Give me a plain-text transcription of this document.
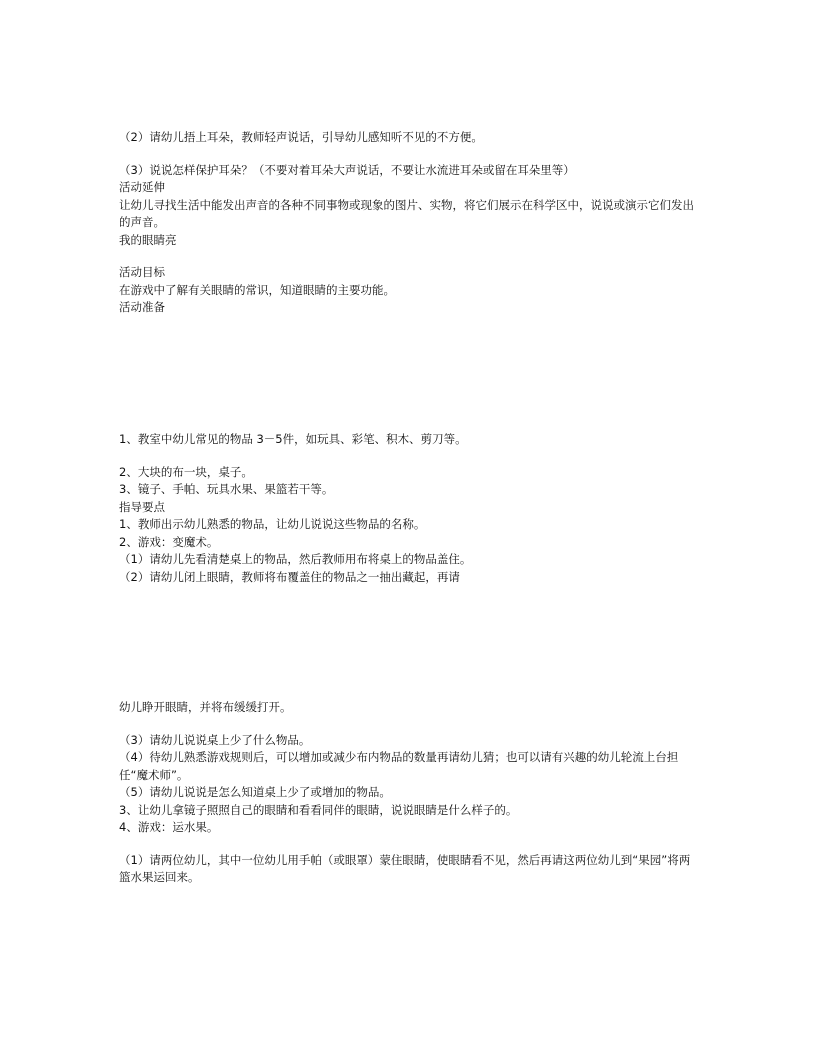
（2）请幼儿捂上耳朵，教师轻声说话，引导幼儿感知听不见的不方便。
（3）说说怎样保护耳朵？（不要对着耳朵大声说话，不要让水流进耳朵或留在耳朵里等）
活动延伸
让幼儿寻找生活中能发出声音的各种不同事物或现象的图片、实物，将它们展示在科学区中，说说或演示它们发出的声音。
我的眼睛亮
活动目标
在游戏中了解有关眼睛的常识，知道眼睛的主要功能。
活动准备
1、教室中幼儿常见的物品 3－5件，如玩具、彩笔、积木、剪刀等。
2、大块的布一块，桌子。
3、镜子、手帕、玩具水果、果篮若干等。
指导要点
1、教师出示幼儿熟悉的物品，让幼儿说说这些物品的名称。
2、游戏：变魔术。
（1）请幼儿先看清楚桌上的物品，然后教师用布将桌上的物品盖住。
（2）请幼儿闭上眼睛，教师将布覆盖住的物品之一抽出藏起，再请
幼儿睁开眼睛，并将布缓缓打开。
（3）请幼儿说说桌上少了什么物品。
（4）待幼儿熟悉游戏规则后，可以增加或减少布内物品的数量再请幼儿猜；也可以请有兴趣的幼儿轮流上台担任“魔术师”。
（5）请幼儿说说是怎么知道桌上少了或增加的物品。
3、让幼儿拿镜子照照自己的眼睛和看看同伴的眼睛，说说眼睛是什么样子的。
4、游戏：运水果。
（1）请两位幼儿，其中一位幼儿用手帕（或眼罩）蒙住眼睛，使眼睛看不见，然后再请这两位幼儿到“果园”将两篮水果运回来。
